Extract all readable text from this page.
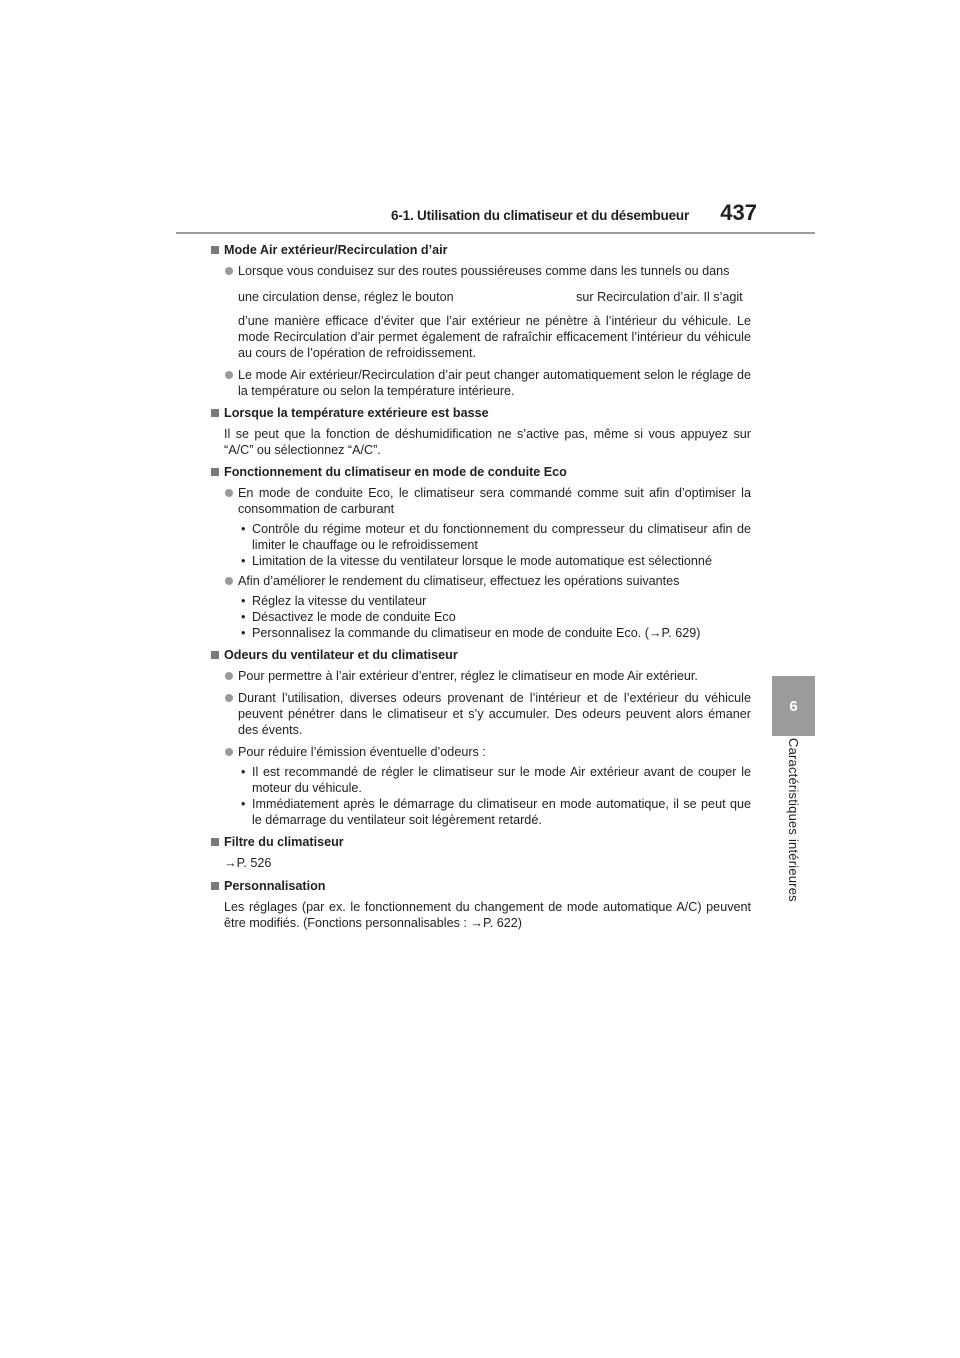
6-1. Utilisation du climatiseur et du désembueur 437
6
Caractéristiques intérieures
Mode Air extérieur/Recirculation d’air

Lorsque vous conduisez sur des routes poussiéreuses comme dans les tunnels ou dans

une circulation dense, réglez le bouton                                   sur Recirculation d’air. Il s’agit

d’une manière efficace d’éviter que l’air extérieur ne pénètre à l’intérieur du véhicule. Le mode Recirculation d’air permet également de rafraîchir efficacement l’intérieur du véhicule au cours de l’opération de refroidissement.

Le mode Air extérieur/Recirculation d’air peut changer automatiquement selon le réglage de la température ou selon la température intérieure.

Lorsque la température extérieure est basse

Il se peut que la fonction de déshumidification ne s’active pas, même si vous appuyez sur “A/C” ou sélectionnez “A/C”.

Fonctionnement du climatiseur en mode de conduite Eco

En mode de conduite Eco, le climatiseur sera commandé comme suit afin d’optimiser la consommation de carburant

• Contrôle du régime moteur et du fonctionnement du compresseur du climatiseur afin de limiter le chauffage ou le refroidissement

• Limitation de la vitesse du ventilateur lorsque le mode automatique est sélectionné

Afin d’améliorer le rendement du climatiseur, effectuez les opérations suivantes

• Réglez la vitesse du ventilateur

• Désactivez le mode de conduite Eco

• Personnalisez la commande du climatiseur en mode de conduite Eco. (→P. 629)

Odeurs du ventilateur et du climatiseur

Pour permettre à l’air extérieur d’entrer, réglez le climatiseur en mode Air extérieur.

Durant l’utilisation, diverses odeurs provenant de l’intérieur et de l’extérieur du véhicule peuvent pénétrer dans le climatiseur et s’y accumuler. Des odeurs peuvent alors émaner des évents.

Pour réduire l’émission éventuelle d’odeurs :

• Il est recommandé de régler le climatiseur sur le mode Air extérieur avant de couper le moteur du véhicule.

• Immédiatement après le démarrage du climatiseur en mode automatique, il se peut que le démarrage du ventilateur soit légèrement retardé.

Filtre du climatiseur

→P. 526

Personnalisation

Les réglages (par ex. le fonctionnement du changement de mode automatique A/C) peuvent être modifiés. (Fonctions personnalisables : →P. 622)
